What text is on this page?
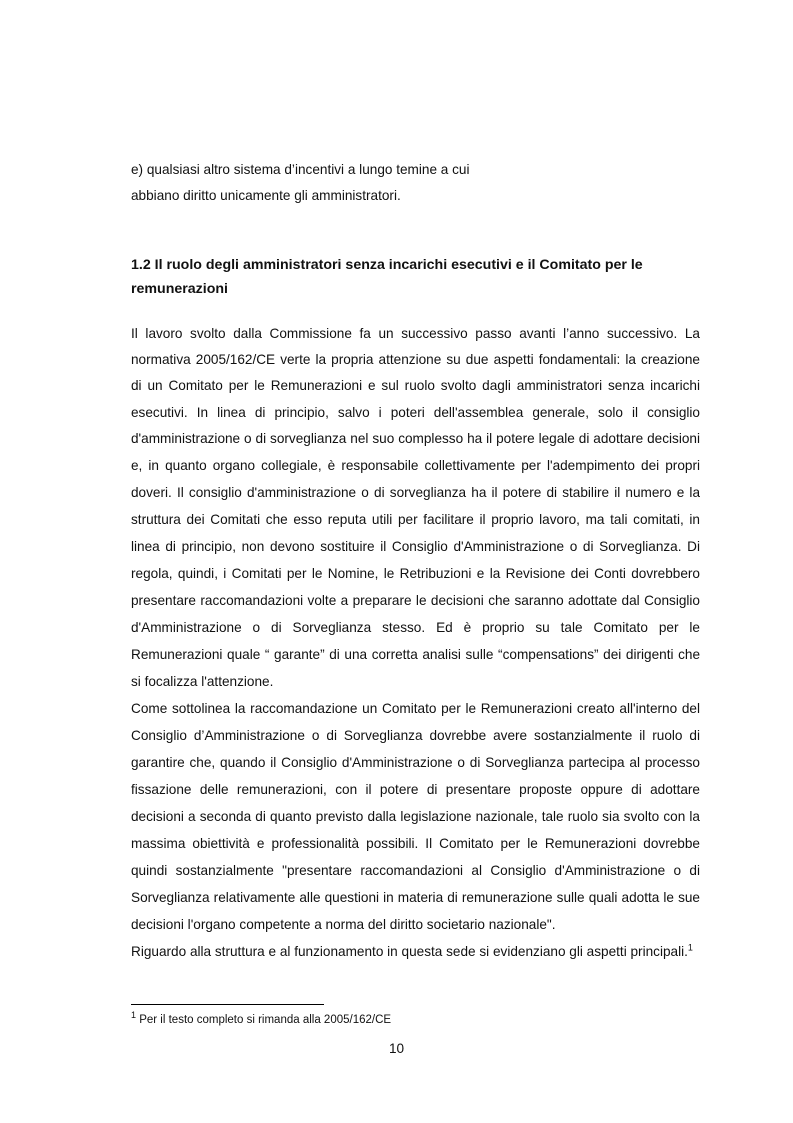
e) qualsiasi altro sistema d’incentivi a lungo temine a cui

abbiano diritto unicamente gli amministratori.

1.2 Il ruolo degli amministratori senza incarichi esecutivi e il Comitato per le
remunerazioni

Il lavoro svolto dalla Commissione fa un successivo passo avanti l’anno successivo. La

normativa 2005/162/CE verte la propria attenzione su due aspetti fondamentali: la creazione

di un Comitato per le Remunerazioni e sul ruolo svolto dagli amministratori senza incarichi

esecutivi. In linea di principio, salvo i poteri dell'assemblea generale, solo il consiglio

d'amministrazione o di sorveglianza nel suo complesso ha il potere legale di adottare decisioni

e, in quanto organo collegiale, è responsabile collettivamente per l'adempimento dei propri

doveri. Il consiglio d'amministrazione o di sorveglianza ha il potere di stabilire il numero e la

struttura dei Comitati che esso reputa utili per facilitare il proprio lavoro, ma tali comitati, in

linea di principio, non devono sostituire il Consiglio d'Amministrazione o di Sorveglianza. Di

regola, quindi, i Comitati per le Nomine, le Retribuzioni e la Revisione dei Conti dovrebbero

presentare raccomandazioni volte a preparare le decisioni che saranno adottate dal Consiglio

d'Amministrazione o di Sorveglianza stesso. Ed è proprio su tale Comitato per le

Remunerazioni quale “ garante” di una corretta analisi sulle “compensations” dei dirigenti che

si focalizza l'attenzione.

Come sottolinea la raccomandazione un Comitato per le Remunerazioni creato all'interno del

Consiglio d’Amministrazione o di Sorveglianza dovrebbe avere sostanzialmente il ruolo di

garantire che, quando il Consiglio d'Amministrazione o di Sorveglianza partecipa al processo

fissazione delle remunerazioni, con il potere di presentare proposte oppure di adottare

decisioni a seconda di quanto previsto dalla legislazione nazionale, tale ruolo sia svolto con la

massima obiettività e professionalità possibili. Il Comitato per le Remunerazioni dovrebbe

quindi sostanzialmente "presentare raccomandazioni al Consiglio d'Amministrazione o di

Sorveglianza relativamente alle questioni in materia di remunerazione sulle quali adotta le sue

decisioni l'organo competente a norma del diritto societario nazionale".

Riguardo alla struttura e al funzionamento in questa sede si evidenziano gli aspetti principali.$^1$

$^1$ Per il testo completo si rimanda alla 2005/162/CE

10
